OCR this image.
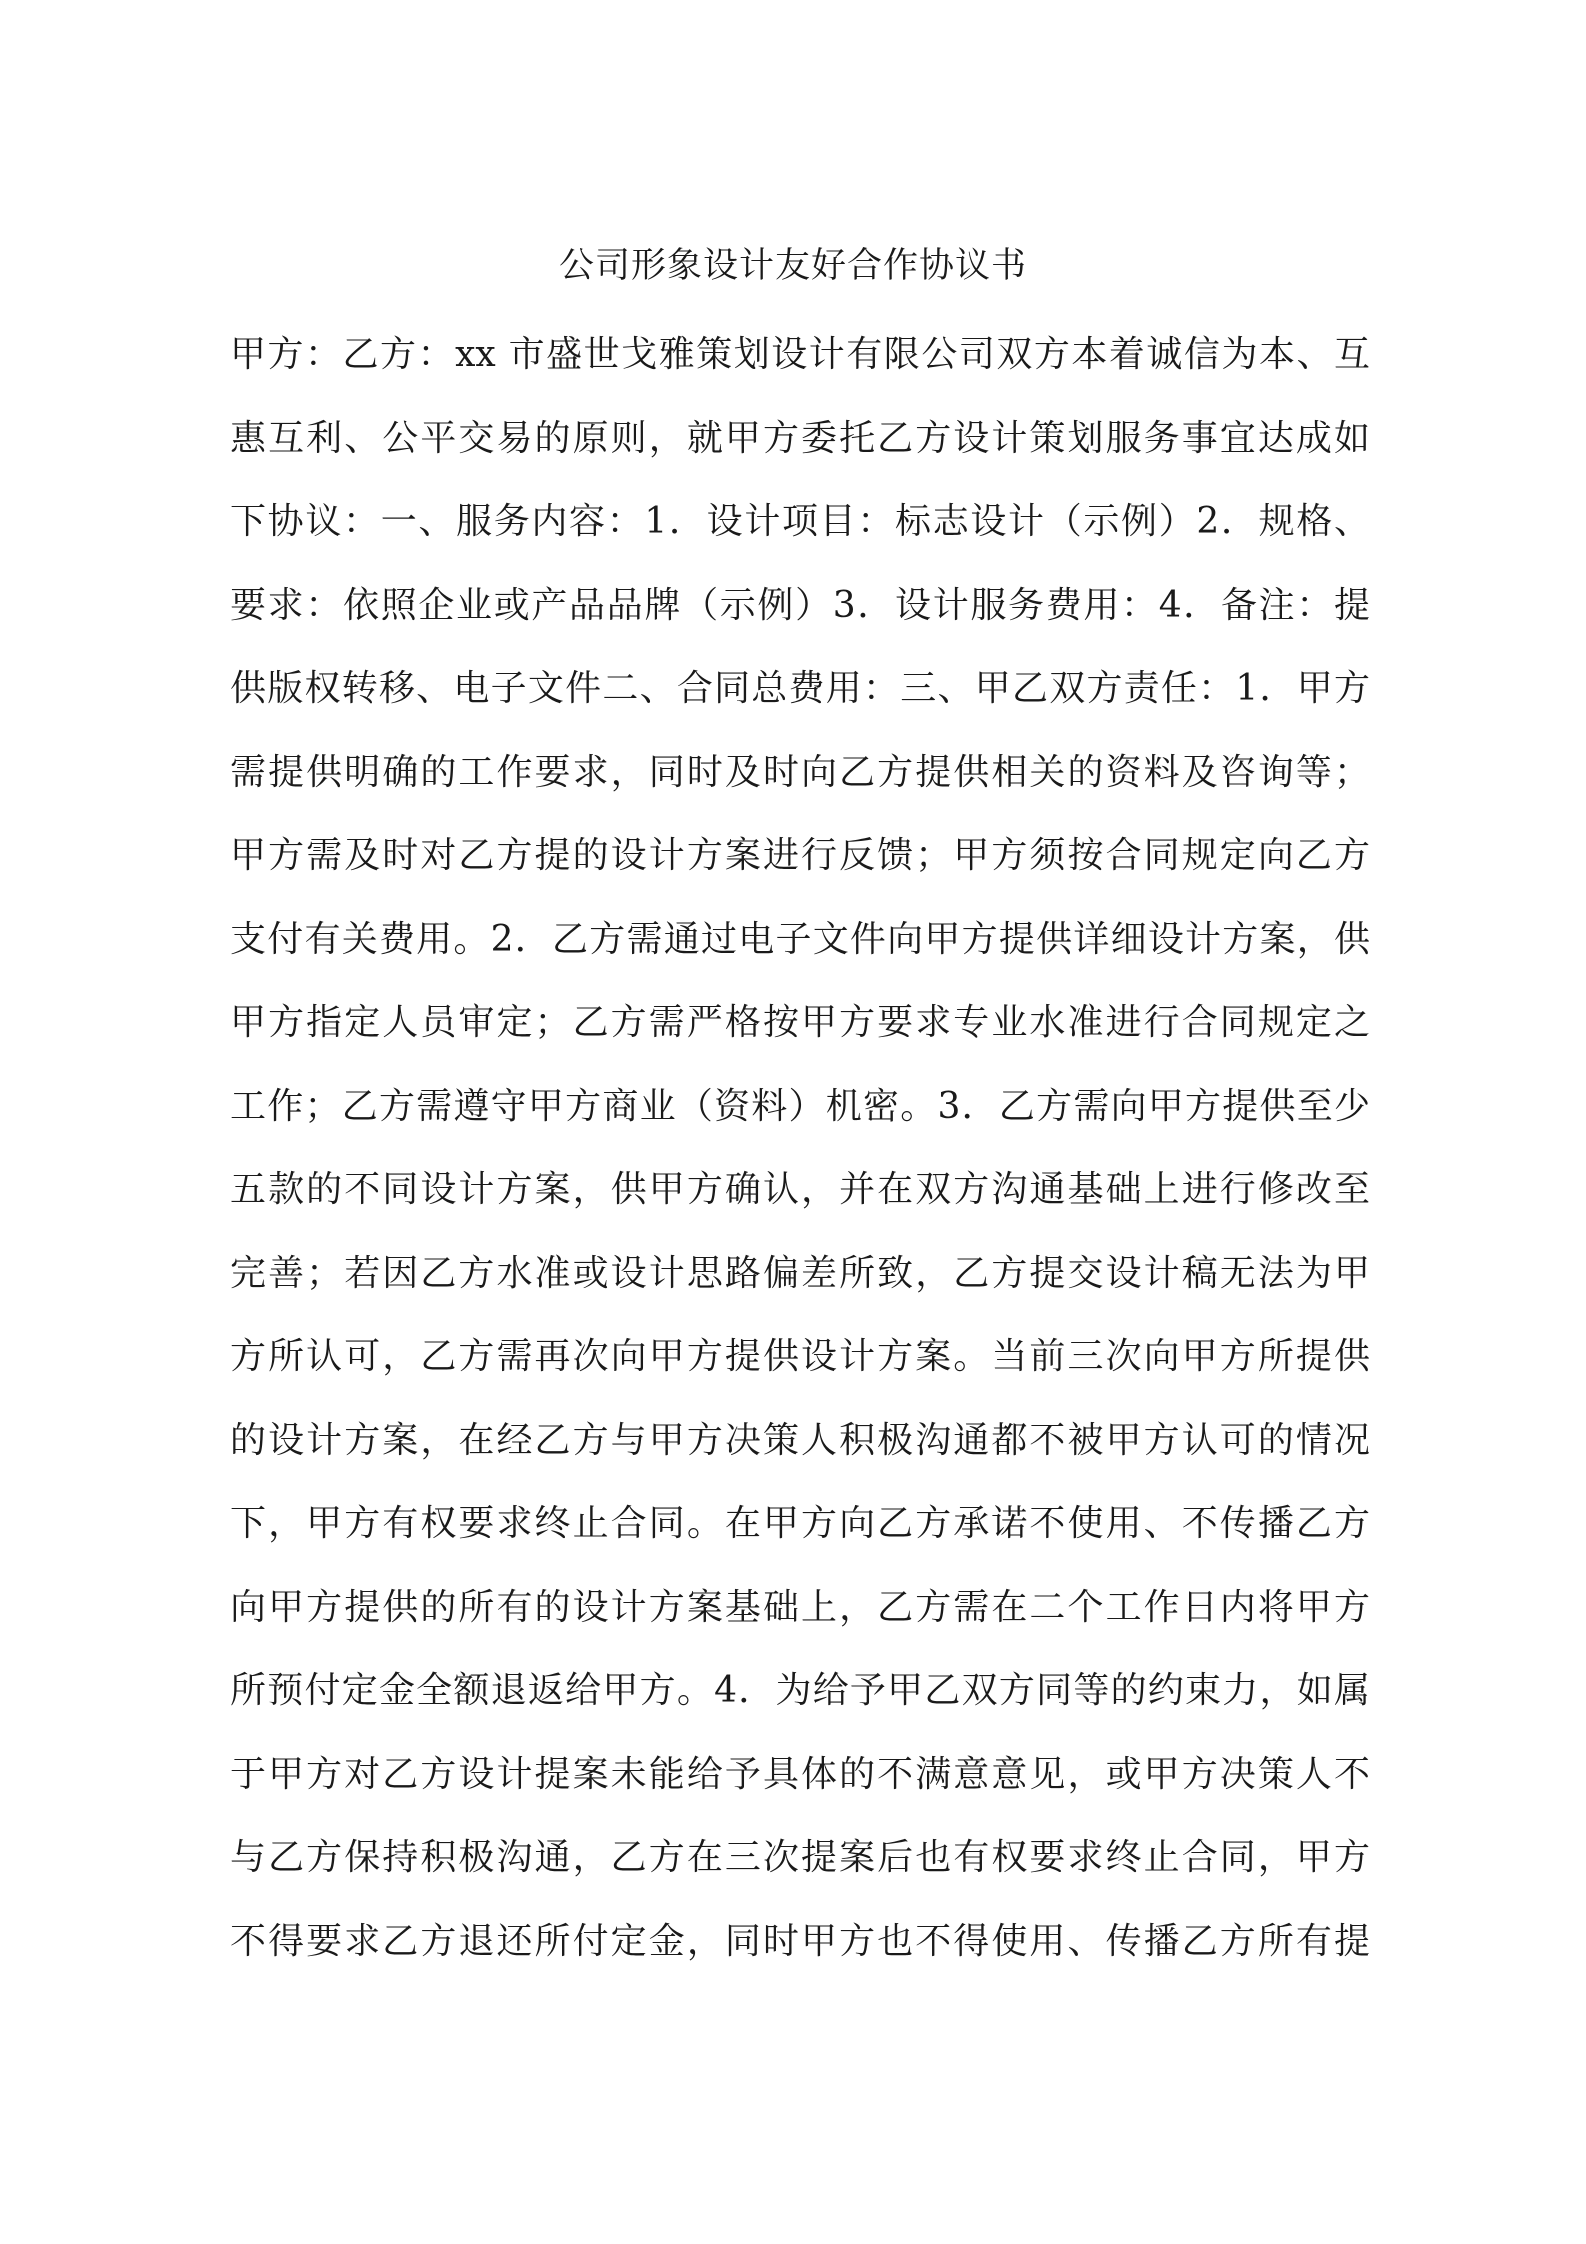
公司形象设计友好合作协议书
甲方：乙方：xx 市盛世戈雅策划设计有限公司双方本着诚信为本、互
惠互利、公平交易的原则，就甲方委托乙方设计策划服务事宜达成如
下协议：一、服务内容：1．设计项目：标志设计（示例）2．规格、
要求：依照企业或产品品牌（示例）3．设计服务费用：4．备注：提
供版权转移、电子文件二、合同总费用：三、甲乙双方责任：1．甲方
需提供明确的工作要求，同时及时向乙方提供相关的资料及咨询等；
甲方需及时对乙方提的设计方案进行反馈；甲方须按合同规定向乙方
支付有关费用。2．乙方需通过电子文件向甲方提供详细设计方案，供
甲方指定人员审定；乙方需严格按甲方要求专业水准进行合同规定之
工作；乙方需遵守甲方商业（资料）机密。3．乙方需向甲方提供至少
五款的不同设计方案，供甲方确认，并在双方沟通基础上进行修改至
完善；若因乙方水准或设计思路偏差所致，乙方提交设计稿无法为甲
方所认可，乙方需再次向甲方提供设计方案。当前三次向甲方所提供
的设计方案，在经乙方与甲方决策人积极沟通都不被甲方认可的情况
下，甲方有权要求终止合同。在甲方向乙方承诺不使用、不传播乙方
向甲方提供的所有的设计方案基础上，乙方需在二个工作日内将甲方
所预付定金全额退返给甲方。4．为给予甲乙双方同等的约束力，如属
于甲方对乙方设计提案未能给予具体的不满意意见，或甲方决策人不
与乙方保持积极沟通，乙方在三次提案后也有权要求终止合同，甲方
不得要求乙方退还所付定金，同时甲方也不得使用、传播乙方所有提
